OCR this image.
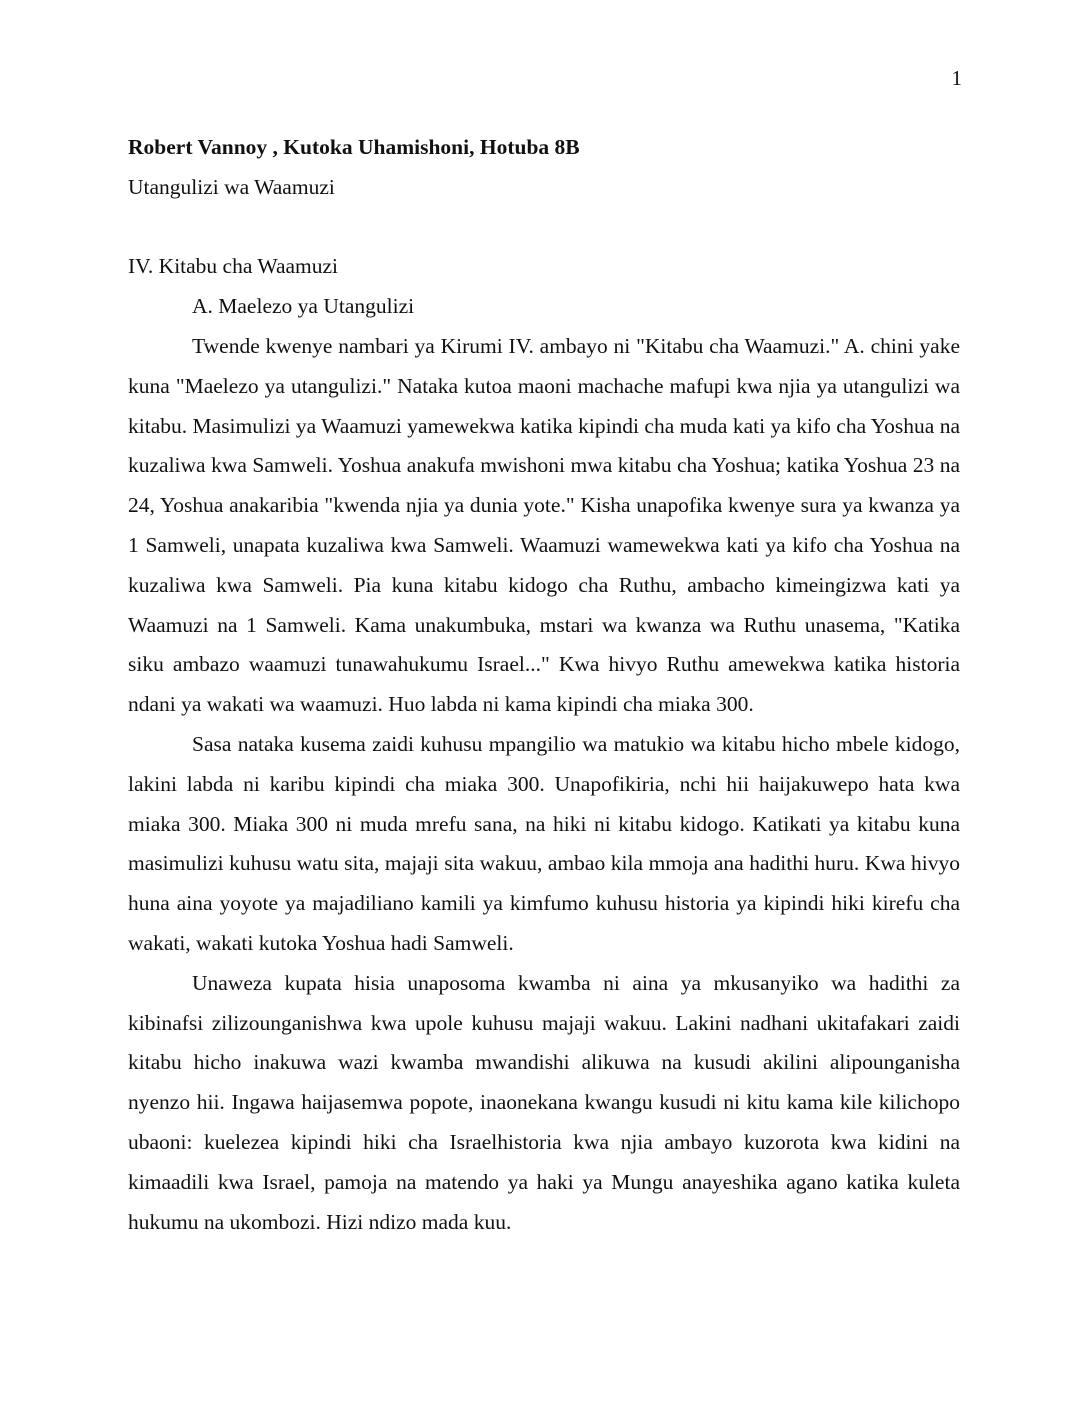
1

Robert Vannoy , Kutoka Uhamishoni, Hotuba 8B

Utangulizi wa Waamuzi

IV. Kitabu cha Waamuzi

A. Maelezo ya Utangulizi

Twende kwenye nambari ya Kirumi IV. ambayo ni "Kitabu cha Waamuzi." A. chini yake kuna "Maelezo ya utangulizi." Nataka kutoa maoni machache mafupi kwa njia ya utangulizi wa kitabu. Masimulizi ya Waamuzi yamewekwa katika kipindi cha muda kati ya kifo cha Yoshua na kuzaliwa kwa Samweli. Yoshua anakufa mwishoni mwa kitabu cha Yoshua; katika Yoshua 23 na 24, Yoshua anakaribia "kwenda njia ya dunia yote." Kisha unapofika kwenye sura ya kwanza ya 1 Samweli, unapata kuzaliwa kwa Samweli. Waamuzi wamewekwa kati ya kifo cha Yoshua na kuzaliwa kwa Samweli. Pia kuna kitabu kidogo cha Ruthu, ambacho kimeingizwa kati ya Waamuzi na 1 Samweli. Kama unakumbuka, mstari wa kwanza wa Ruthu unasema, "Katika siku ambazo waamuzi tunawahukumu Israel..." Kwa hivyo Ruthu amewekwa katika historia ndani ya wakati wa waamuzi. Huo labda ni kama kipindi cha miaka 300.

Sasa nataka kusema zaidi kuhusu mpangilio wa matukio wa kitabu hicho mbele kidogo, lakini labda ni karibu kipindi cha miaka 300. Unapofikiria, nchi hii haijakuwepo hata kwa miaka 300. Miaka 300 ni muda mrefu sana, na hiki ni kitabu kidogo. Katikati ya kitabu kuna masimulizi kuhusu watu sita, majaji sita wakuu, ambao kila mmoja ana hadithi huru. Kwa hivyo huna aina yoyote ya majadiliano kamili ya kimfumo kuhusu historia ya kipindi hiki kirefu cha wakati, wakati kutoka Yoshua hadi Samweli.

Unaweza kupata hisia unaposoma kwamba ni aina ya mkusanyiko wa hadithi za kibinafsi zilizounganishwa kwa upole kuhusu majaji wakuu. Lakini nadhani ukitafakari zaidi kitabu hicho inakuwa wazi kwamba mwandishi alikuwa na kusudi akilini alipounganisha nyenzo hii. Ingawa haijasemwa popote, inaonekana kwangu kusudi ni kitu kama kile kilichopo ubaoni: kuelezea kipindi hiki cha Israelhistoria kwa njia ambayo kuzorota kwa kidini na kimaadili kwa Israel, pamoja na matendo ya haki ya Mungu anayeshika agano katika kuleta hukumu na ukombozi. Hizi ndizo mada kuu.
